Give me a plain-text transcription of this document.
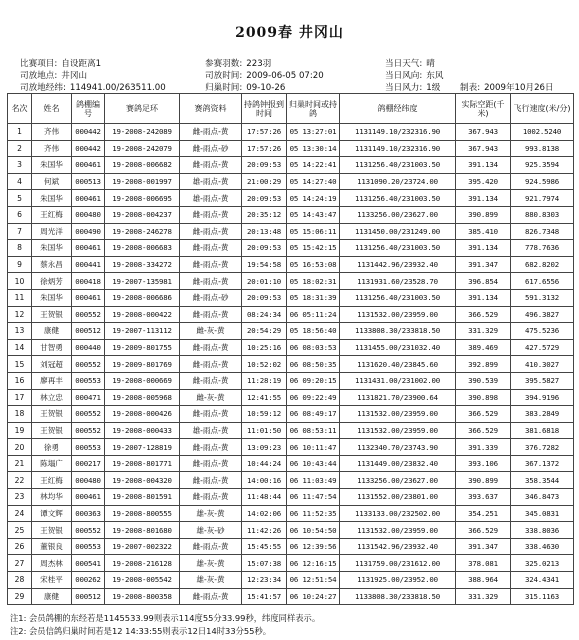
2009春 井冈山
比赛项目: 自设距离1
司放地点: 井冈山
司放地经纬: 114941.00/263511.00
参赛羽数: 223羽
司放时间: 2009-06-05 07:20
归巢时间: 09-10-26
当日天气: 晴
当日风向: 东风
当日风力: 1级 制表: 2009年10月26日
名次	姓名	鸽棚编号	赛鸽足环	赛鸽资料	持鸽钟报到时间	归巢时间或持鸽	鸽棚经纬度	实际空距(千米)	飞行速度(米/分)
1	齐伟	000442	19-2008-242089	雌-雨点-黄	17:57:26	05 13:27:01	1131149.10/232316.90	367.943	1002.5240
2	齐伟	000442	19-2008-242079	雌-雨点-砂	17:57:26	05 13:30:14	1131149.10/232316.90	367.943	993.8138
3	朱国华	000461	19-2008-006682	雌-雨点-黄	20:09:53	05 14:22:41	1131256.40/231003.50	391.134	925.3594
4	何斌	000513	19-2008-001997	雄-雨点-黄	21:00:29	05 14:27:40	1131090.20/23724.00	395.420	924.5986
5	朱国华	000461	19-2008-006695	雄-雨点-黄	20:09:53	05 14:24:19	1131256.40/231003.50	391.134	921.7974
6	王红梅	000480	19-2008-004237	雌-雨点-黄	20:35:12	05 14:43:47	1133256.00/23627.00	390.899	880.8303
7	周光洋	000490	19-2008-246278	雌-雨点-黄	20:13:48	05 15:06:11	1131450.00/231249.00	385.410	826.7348
8	朱国华	000461	19-2008-006683	雌-雨点-黄	20:09:53	05 15:42:15	1131256.40/231003.50	391.134	778.7636
9	蔡永昌	000441	19-2008-334272	雌-雨点-黄	19:54:58	05 16:53:08	1131442.96/23932.40	391.347	682.8202
10	徐炳芳	000418	19-2007-135981	雌-雨点-黄	20:01:10	05 18:02:31	1131931.60/23528.70	396.854	617.6556
11	朱国华	000461	19-2008-006686	雌-雨点-砂	20:09:53	05 18:31:39	1131256.40/231003.50	391.134	591.3132
12	王贺银	000552	19-2008-000422	雌-雨点-黄	08:24:34	06 05:11:24	1131532.00/23959.00	366.529	496.3827
13	康健	000512	19-2007-113112	雌-灰-黄	20:54:29	05 18:56:40	1133808.30/233818.50	331.329	475.5236
14	甘智勇	000440	19-2009-801755	雌-雨点-黄	10:25:16	06 08:03:53	1131455.00/231032.40	389.469	427.5729
15	刘冠超	000552	19-2009-801769	雌-雨点-黄	10:52:02	06 08:50:35	1131620.40/23845.60	392.899	410.3027
16	廖再丰	000553	19-2008-000669	雌-雨点-黄	11:28:19	06 09:20:15	1131431.00/231002.00	390.539	395.5827
17	林立忠	000471	19-2008-005968	雌-灰-黄	12:41:55	06 09:22:49	1131821.70/23900.64	390.898	394.9196
18	王贺银	000552	19-2008-000426	雌-雨点-黄	10:59:12	06 08:49:17	1131532.00/23959.00	366.529	383.2849
19	王贺银	000552	19-2008-000433	雄-雨点-黄	11:01:50	06 08:53:11	1131532.00/23959.00	366.529	381.6818
20	徐勇	000553	19-2007-128819	雌-雨点-黄	13:09:23	06 10:11:47	1132340.70/23743.90	391.339	376.7282
21	陈塌广	000217	19-2008-801771	雌-雨点-黄	10:44:24	06 10:43:44	1131449.00/23832.40	393.106	367.1372
22	王红梅	000480	19-2008-004320	雌-雨点-黄	14:00:16	06 11:03:49	1133256.00/23627.00	390.899	358.3544
23	林均华	000461	19-2008-801591	雌-雨点-黄	11:48:44	06 11:47:54	1131552.00/23801.00	393.637	346.8473
24	谭文辉	000363	19-2008-800555	雄-灰-黄	14:02:06	06 11:52:35	1133133.00/232502.00	354.251	345.0831
25	王贺银	000552	19-2008-801680	雄-灰-砂	11:42:26	06 10:54:50	1131532.00/23959.00	366.529	338.8036
26	董银良	000553	19-2007-002322	雌-雨点-黄	15:45:55	06 12:39:56	1131542.96/23932.40	391.347	338.4630
27	周杰林	000541	19-2008-216128	雄-灰-黄	15:07:38	06 12:16:15	1131759.00/231612.00	378.081	325.0213
28	宋桂平	000262	19-2008-005542	雄-灰-黄	12:23:34	06 12:51:54	1131925.00/23952.00	388.964	324.4341
29	康健	000512	19-2008-800358	雌-雨点-黄	15:41:57	06 10:24:27	1133808.30/233818.50	331.329	315.1163
注1: 会员鸽棚的东经若是1145533.99则表示114度55分33.99秒，纬度同样表示。
注2: 会员信鸽归巢时间若是12 14:33:55则表示12日14时33分55秒。
